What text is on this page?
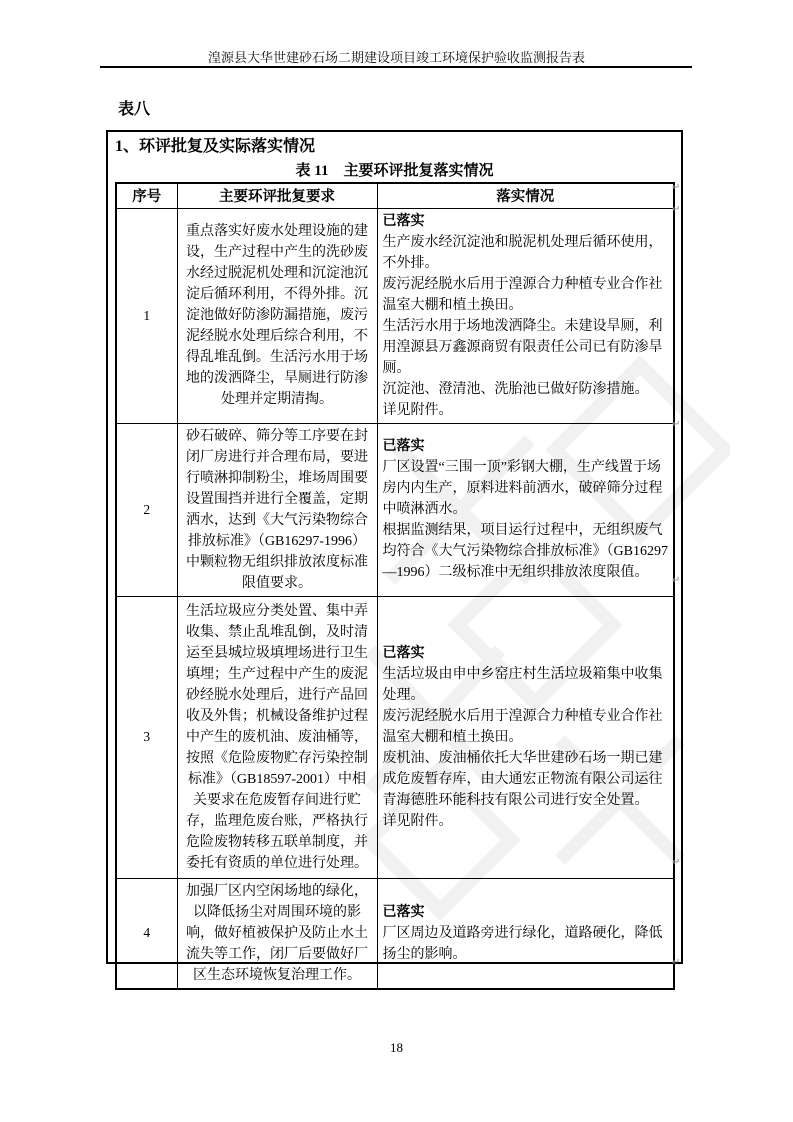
湟源县大华世建砂石场二期建设项目竣工环境保护验收监测报告表
表八
1、环评批复及实际落实情况
表 11　主要环评批复落实情况
序号	主要环评批复要求	落实情况
1	重点落实好废水处理设施的建设，生产过程中产生的洗砂废水经过脱泥机处理和沉淀池沉淀后循环利用，不得外排。沉淀池做好防渗防漏措施，废污泥经脱水处理后综合利用，不得乱堆乱倒。生活污水用于场地的泼洒降尘，旱厕进行防渗处理并定期清掏。	

已落实

生产废水经沉淀池和脱泥机处理后循环使用，不外排。

废污泥经脱水后用于湟源合力种植专业合作社温室大棚和植土换田。

生活污水用于场地泼洒降尘。未建设旱厕，利用湟源县万鑫源商贸有限责任公司已有防渗旱厕。

沉淀池、澄清池、洗胎池已做好防渗措施。

详见附件。

2	砂石破碎、筛分等工序要在封闭厂房进行并合理布局，要进行喷淋抑制粉尘，堆场周围要设置围挡并进行全覆盖，定期洒水，达到《大气污染物综合排放标准》（GB16297-1996）中颗粒物无组织排放浓度标准限值要求。	已落实

厂区设置“三围一顶”彩钢大棚，生产线置于场房内内生产，原料进料前洒水，破碎筛分过程中喷淋洒水。

根据监测结果，项目运行过程中，无组织废气均符合《大气污染物综合排放标准》（GB16297—1996）二级标准中无组织排放浓度限值。

3	生活垃圾应分类处置、集中弄收集、禁止乱堆乱倒，及时清运至县城垃圾填埋场进行卫生填埋；生产过程中产生的废泥砂经脱水处理后，进行产品回收及外售；机械设备维护过程中产生的废机油、废油桶等，按照《危险废物贮存污染控制标准》（GB18597-2001）中相关要求在危废暂存间进行贮存，监理危废台账，严格执行危险废物转移五联单制度，并委托有资质的单位进行处理。	已落实

生活垃圾由申中乡窑庄村生活垃圾箱集中收集处理。

废污泥经脱水后用于湟源合力种植专业合作社温室大棚和植土换田。

废机油、废油桶依托大华世建砂石场一期已建成危废暂存库，由大通宏正物流有限公司运往青海德胜环能科技有限公司进行安全处置。

详见附件。

4	加强厂区内空闲场地的绿化，以降低扬尘对周围环境的影响，做好植被保护及防止水土流失等工作，闭厂后要做好厂区生态环境恢复治理工作。	已落实

厂区周边及道路旁进行绿化，道路硬化，降低扬尘的影响。

↵
↵
↵
↵
↵
↵
18
